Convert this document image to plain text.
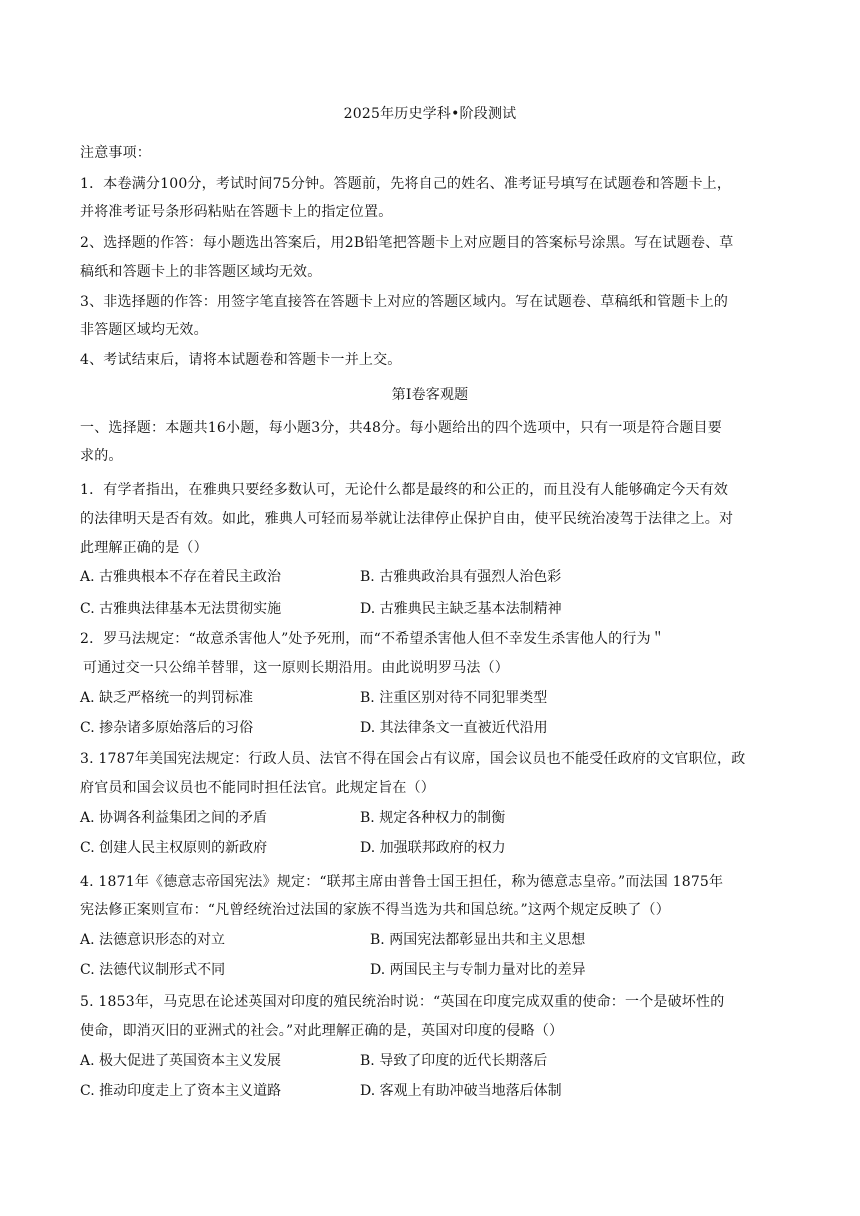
2025年历史学科•阶段测试
注意事项：
1．本卷满分100分，考试时间75分钟。答题前，先将自己的姓名、准考证号填写在试题卷和答题卡上，
并将准考证号条形码粘贴在答题卡上的指定位置。
2、选择题的作答：每小题选出答案后，用2B铅笔把答题卡上对应题目的答案标号涂黑。写在试题卷、草
稿纸和答题卡上的非答题区域均无效。
3、非选择题的作答：用签字笔直接答在答题卡上对应的答题区域内。写在试题卷、草稿纸和管题卡上的
非答题区域均无效。
4、考试结束后，请将本试题卷和答题卡一并上交。
第I卷客观题
一、选择题：本题共16小题，每小题3分，共48分。每小题给出的四个选项中，只有一项是符合题目要
求的。
1．有学者指出，在雅典只要经多数认可，无论什么都是最终的和公正的，而且没有人能够确定今天有效
的法律明天是否有效。如此，雅典人可轻而易举就让法律停止保护自由，使平民统治凌驾于法律之上。对
此理解正确的是（）
A. 古雅典根本不存在着民主政治	B. 古雅典政治具有强烈人治色彩
C. 古雅典法律基本无法贯彻实施	D. 古雅典民主缺乏基本法制精神
2．罗马法规定：“故意杀害他人”处予死刑，而“不希望杀害他人但不幸发生杀害他人的行为＂
可通过交一只公绵羊替罪，这一原则长期沿用。由此说明罗马法（）
A. 缺乏严格统一的判罚标准	B. 注重区别对待不同犯罪类型
C. 掺杂诸多原始落后的习俗	D. 其法律条文一直被近代沿用
3. 1787年美国宪法规定：行政人员、法官不得在国会占有议席，国会议员也不能受任政府的文官职位，政
府官员和国会议员也不能同时担任法官。此规定旨在（）
A. 协调各利益集团之间的矛盾	B. 规定各种权力的制衡
C. 创建人民主权原则的新政府	D. 加强联邦政府的权力
4. 1871年《德意志帝国宪法》规定：“联邦主席由普鲁士国王担任，称为德意志皇帝。”而法国 1875年
宪法修正案则宣布：“凡曾经统治过法国的家族不得当选为共和国总统。”这两个规定反映了（）
A. 法德意识形态的对立	B. 两国宪法都彰显出共和主义思想
C. 法德代议制形式不同	D. 两国民主与专制力量对比的差异
5. 1853年，马克思在论述英国对印度的殖民统治时说：“英国在印度完成双重的使命：一个是破坏性的
使命，即消灭旧的亚洲式的社会。”对此理解正确的是，英国对印度的侵略（）
A. 极大促进了英国资本主义发展	B. 导致了印度的近代长期落后
C. 推动印度走上了资本主义道路	D. 客观上有助冲破当地落后体制
